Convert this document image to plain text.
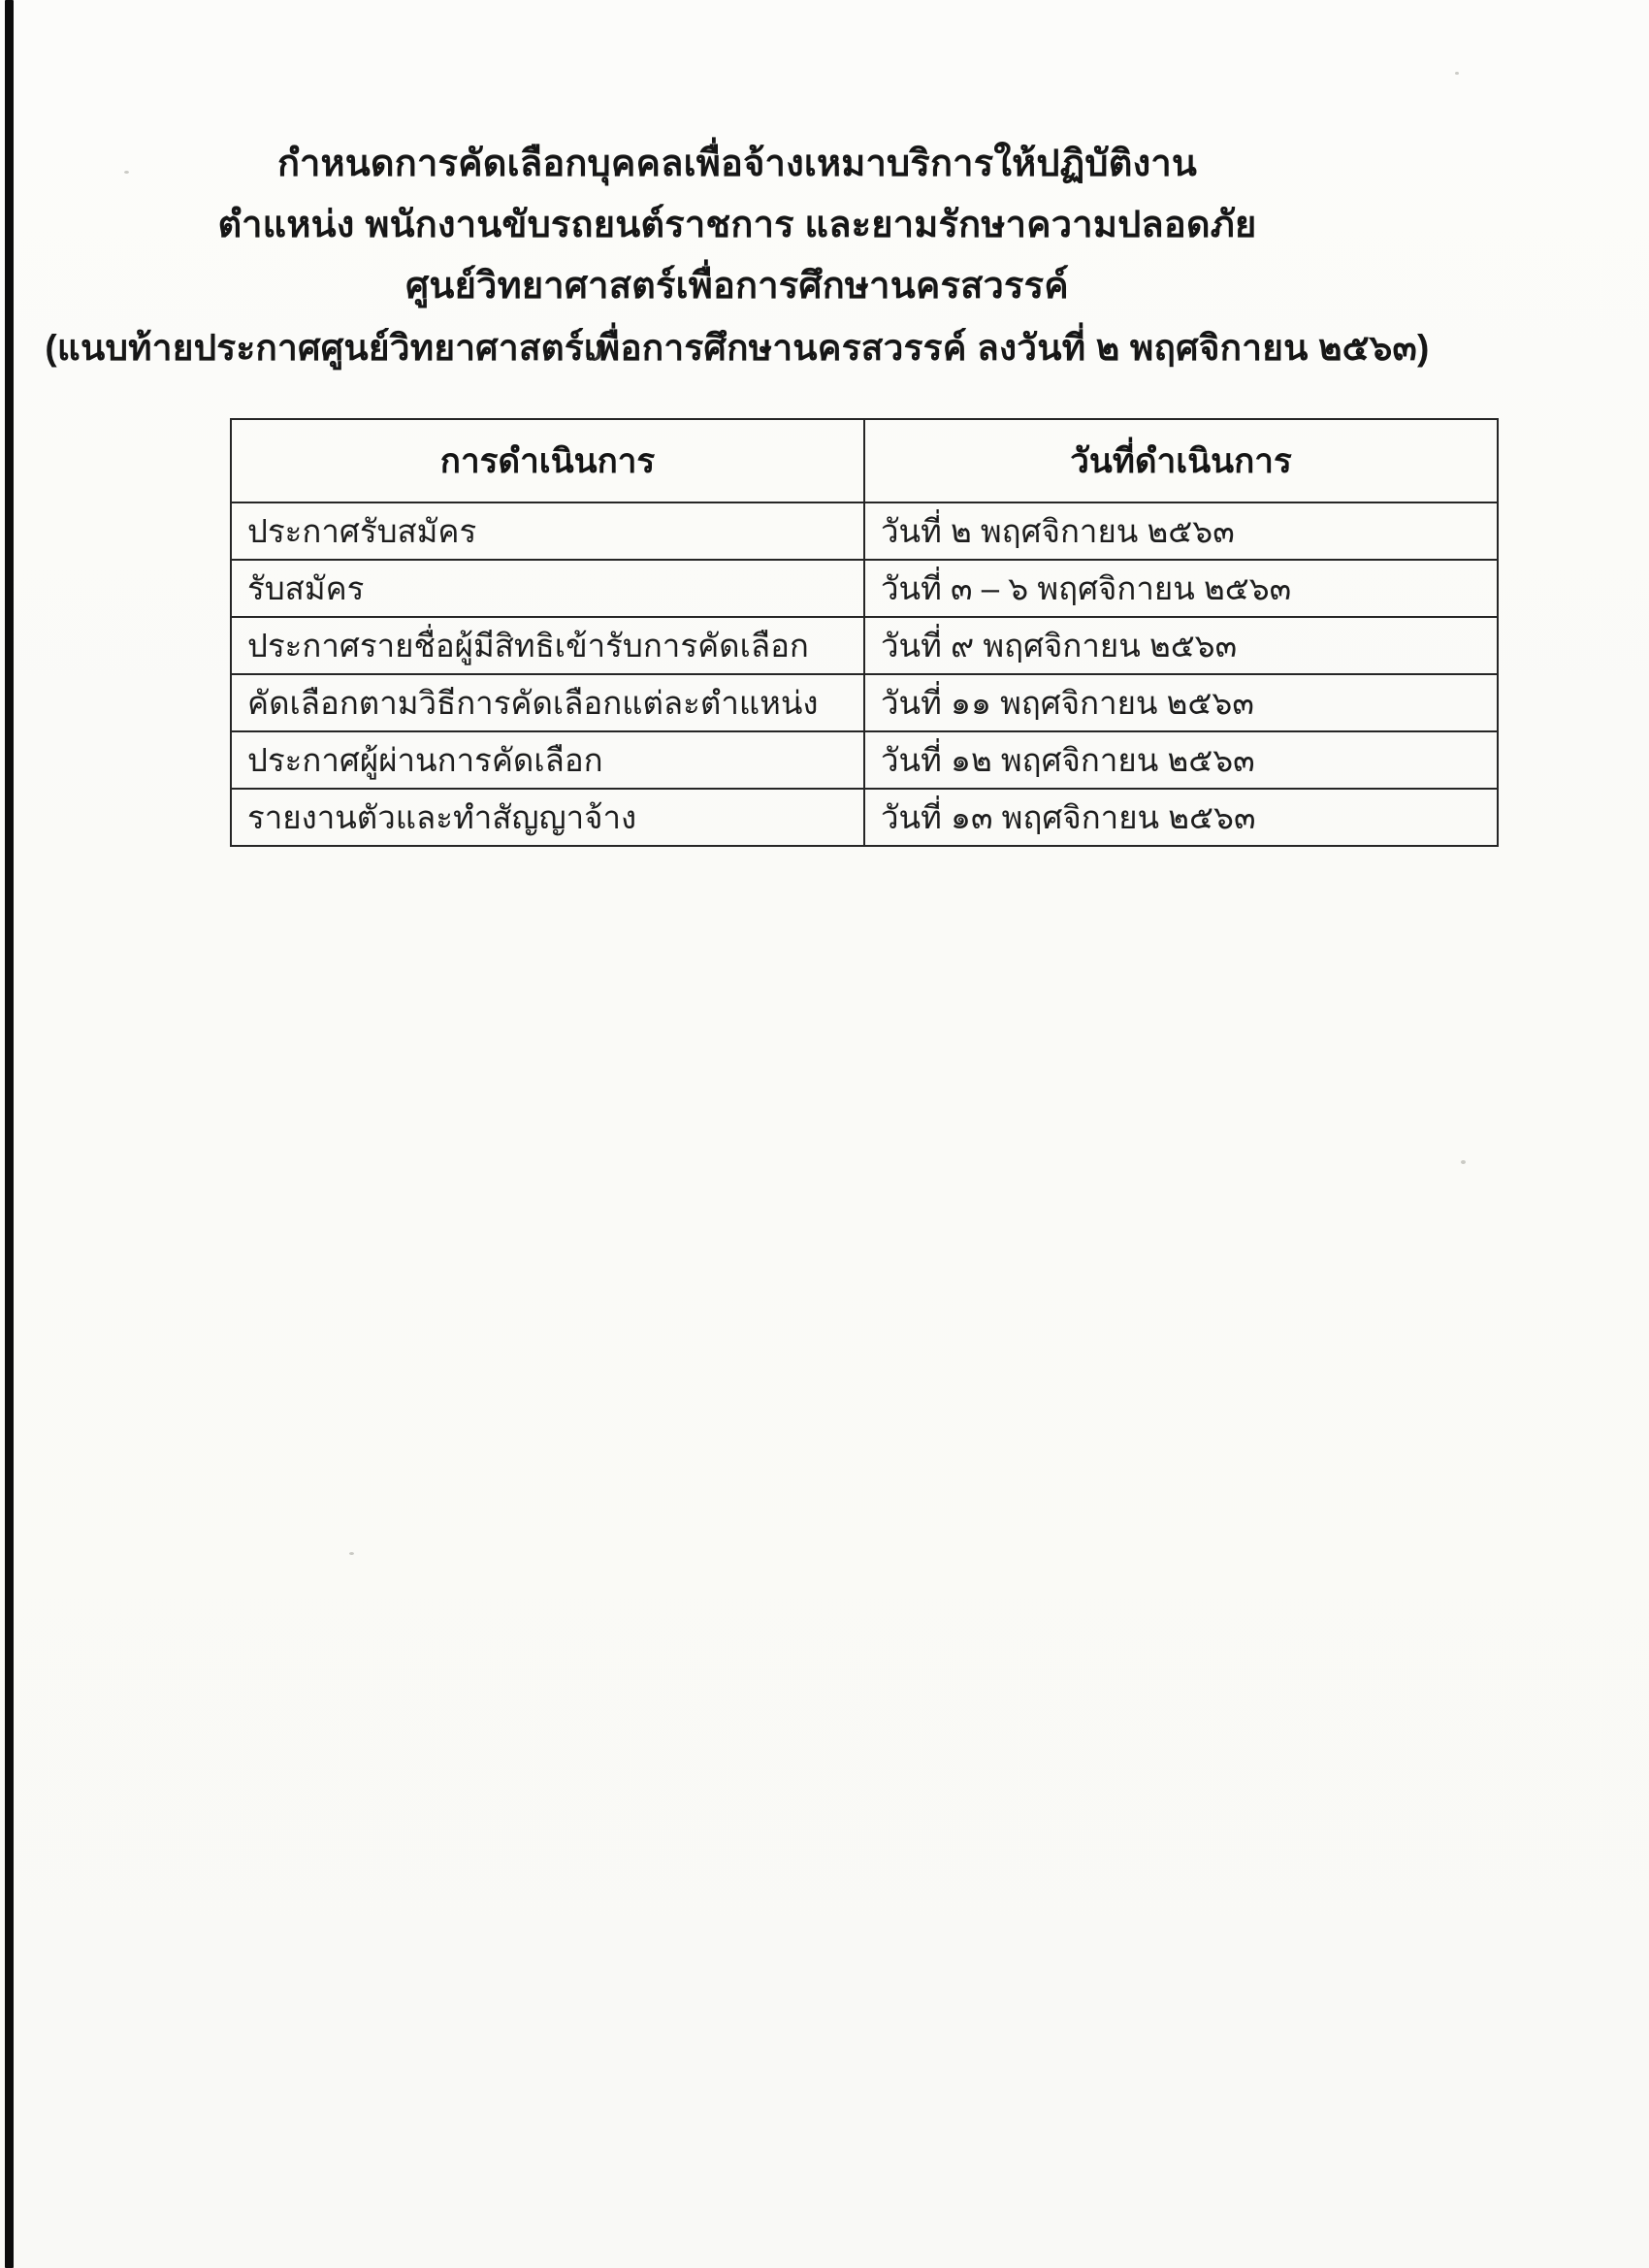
กำหนดการคัดเลือกบุคคลเพื่อจ้างเหมาบริการให้ปฏิบัติงาน
ตำแหน่ง พนักงานขับรถยนต์ราชการ และยามรักษาความปลอดภัย
ศูนย์วิทยาศาสตร์เพื่อการศึกษานครสวรรค์
(แนบท้ายประกาศศูนย์วิทยาศาสตร์เพื่อการศึกษานครสวรรค์ ลงวันที่ ๒ พฤศจิกายน ๒๕๖๓)
การดำเนินการ	วันที่ดำเนินการ
ประกาศรับสมัคร	วันที่ ๒ พฤศจิกายน ๒๕๖๓
รับสมัคร	วันที่ ๓ – ๖ พฤศจิกายน ๒๕๖๓
ประกาศรายชื่อผู้มีสิทธิเข้ารับการคัดเลือก	วันที่ ๙ พฤศจิกายน ๒๕๖๓
คัดเลือกตามวิธีการคัดเลือกแต่ละตำแหน่ง	วันที่ ๑๑ พฤศจิกายน ๒๕๖๓
ประกาศผู้ผ่านการคัดเลือก	วันที่ ๑๒ พฤศจิกายน ๒๕๖๓
รายงานตัวและทำสัญญาจ้าง	วันที่ ๑๓ พฤศจิกายน ๒๕๖๓
